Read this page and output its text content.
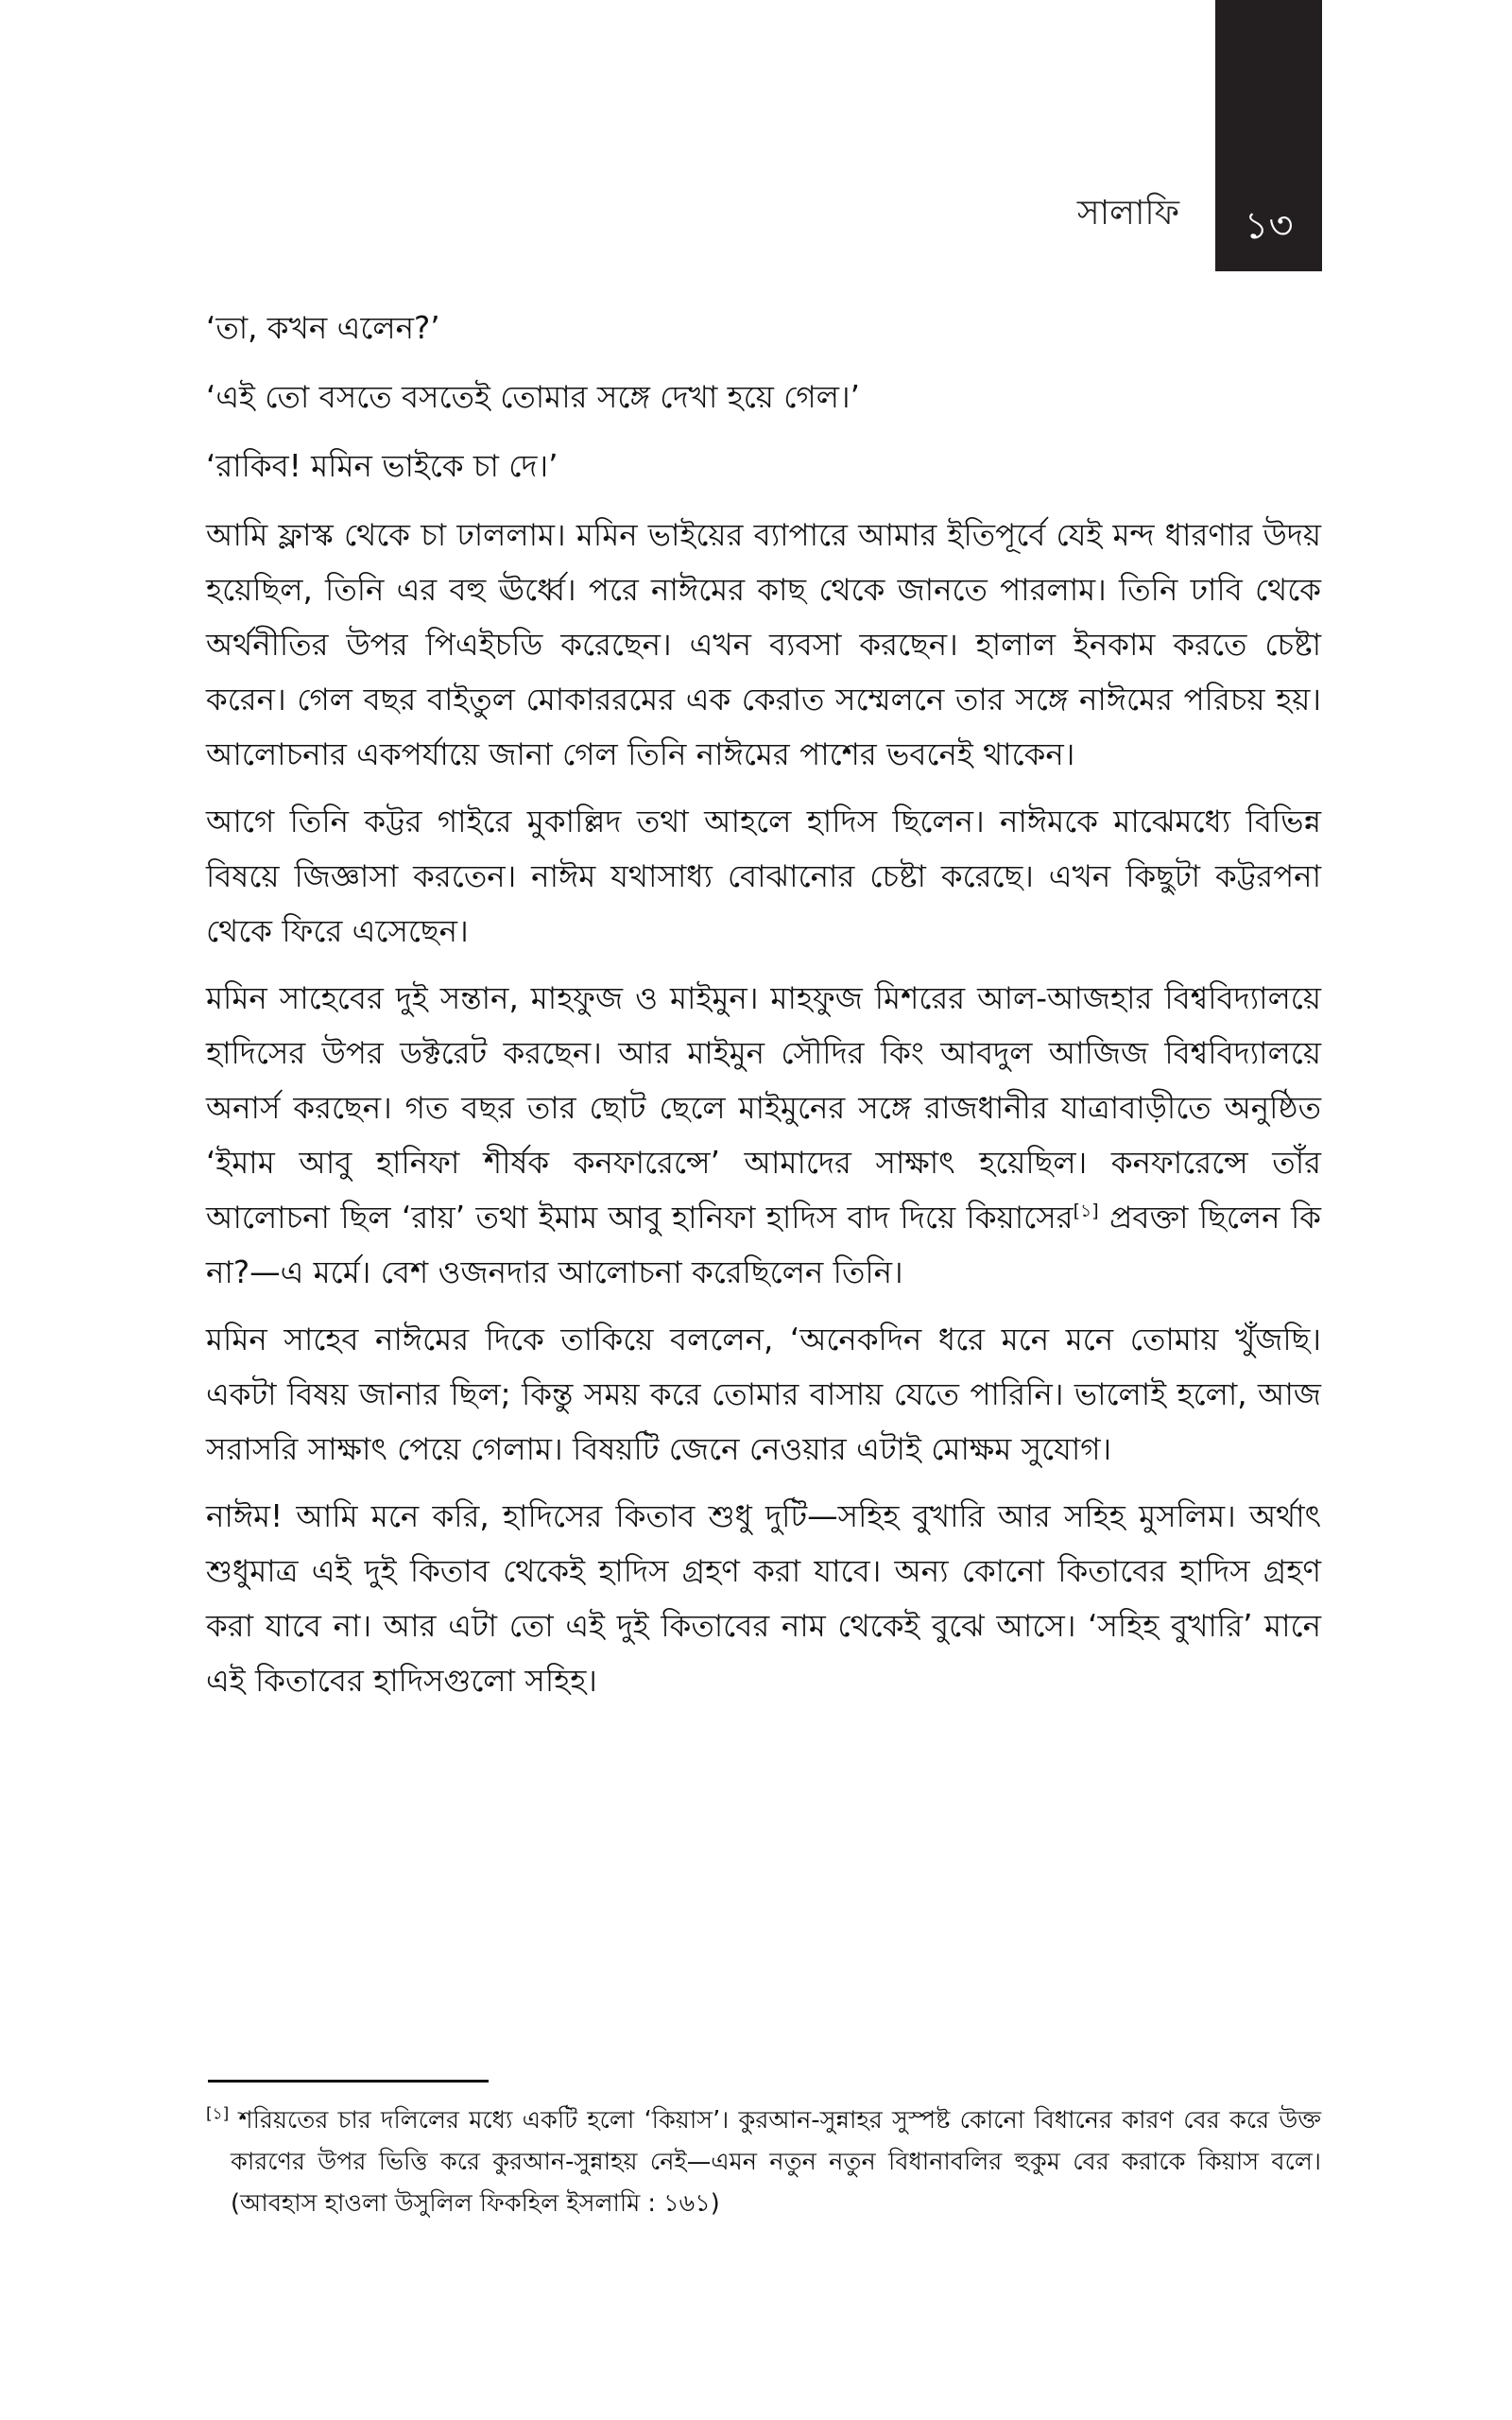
১৩
সালাফি

‘তা, কখন এলেন?’

‘এই তো বসতে বসতেই তোমার সঙ্গে দেখা হয়ে গেল।’

‘রাকিব! মমিন ভাইকে চা দে।’

আমি ফ্লাস্ক থেকে চা ঢাললাম। মমিন ভাইয়ের ব্যাপারে আমার ইতিপূর্বে যেই মন্দ ধারণার উদয় হয়েছিল, তিনি এর বহু ঊর্ধ্বে। পরে নাঈমের কাছ থেকে জানতে পারলাম। তিনি ঢাবি থেকে অর্থনীতির উপর পিএইচডি করেছেন। এখন ব্যবসা করছেন। হালাল ইনকাম করতে চেষ্টা করেন। গেল বছর বাইতুল মোকাররমের এক কেরাত সম্মেলনে তার সঙ্গে নাঈমের পরিচয় হয়। আলোচনার একপর্যায়ে জানা গেল তিনি নাঈমের পাশের ভবনেই থাকেন।

আগে তিনি কট্টর গাইরে মুকাল্লিদ তথা আহলে হাদিস ছিলেন। নাঈমকে মাঝেমধ্যে বিভিন্ন বিষয়ে জিজ্ঞাসা করতেন। নাঈম যথাসাধ্য বোঝানোর চেষ্টা করেছে। এখন কিছুটা কট্টরপনা থেকে ফিরে এসেছেন।

মমিন সাহেবের দুই সন্তান, মাহফুজ ও মাইমুন। মাহফুজ মিশরের আল-আজহার বিশ্ববিদ্যালয়ে হাদিসের উপর ডক্টরেট করছেন। আর মাইমুন সৌদির কিং আবদুল আজিজ বিশ্ববিদ্যালয়ে অনার্স করছেন। গত বছর তার ছোট ছেলে মাইমুনের সঙ্গে রাজধানীর যাত্রাবাড়ীতে অনুষ্ঠিত ‘ইমাম আবু হানিফা শীর্ষক কনফারেন্সে’ আমাদের সাক্ষাৎ হয়েছিল। কনফারেন্সে তাঁর আলোচনা ছিল ‘রায়’ তথা ইমাম আবু হানিফা হাদিস বাদ দিয়ে কিয়াসের[১] প্রবক্তা ছিলেন কি না?—এ মর্মে। বেশ ওজনদার আলোচনা করেছিলেন তিনি।

মমিন সাহেব নাঈমের দিকে তাকিয়ে বললেন, ‘অনেকদিন ধরে মনে মনে তোমায় খুঁজছি। একটা বিষয় জানার ছিল; কিন্তু সময় করে তোমার বাসায় যেতে পারিনি। ভালোই হলো, আজ সরাসরি সাক্ষাৎ পেয়ে গেলাম। বিষয়টি জেনে নেওয়ার এটাই মোক্ষম সুযোগ।

নাঈম! আমি মনে করি, হাদিসের কিতাব শুধু দুটি—সহিহ বুখারি আর সহিহ মুসলিম। অর্থাৎ শুধুমাত্র এই দুই কিতাব থেকেই হাদিস গ্রহণ করা যাবে। অন্য কোনো কিতাবের হাদিস গ্রহণ করা যাবে না। আর এটা তো এই দুই কিতাবের নাম থেকেই বুঝে আসে। ‘সহিহ বুখারি’ মানে এই কিতাবের হাদিসগুলো সহিহ।

[১] শরিয়তের চার দলিলের মধ্যে একটি হলো ‘কিয়াস’। কুরআন-সুন্নাহর সুস্পষ্ট কোনো বিধানের কারণ বের করে উক্ত কারণের উপর ভিত্তি করে কুরআন-সুন্নাহয় নেই—এমন নতুন নতুন বিধানাবলির হুকুম বের করাকে কিয়াস বলে। (আবহাস হাওলা উসুলিল ফিকহিল ইসলামি : ১৬১)
